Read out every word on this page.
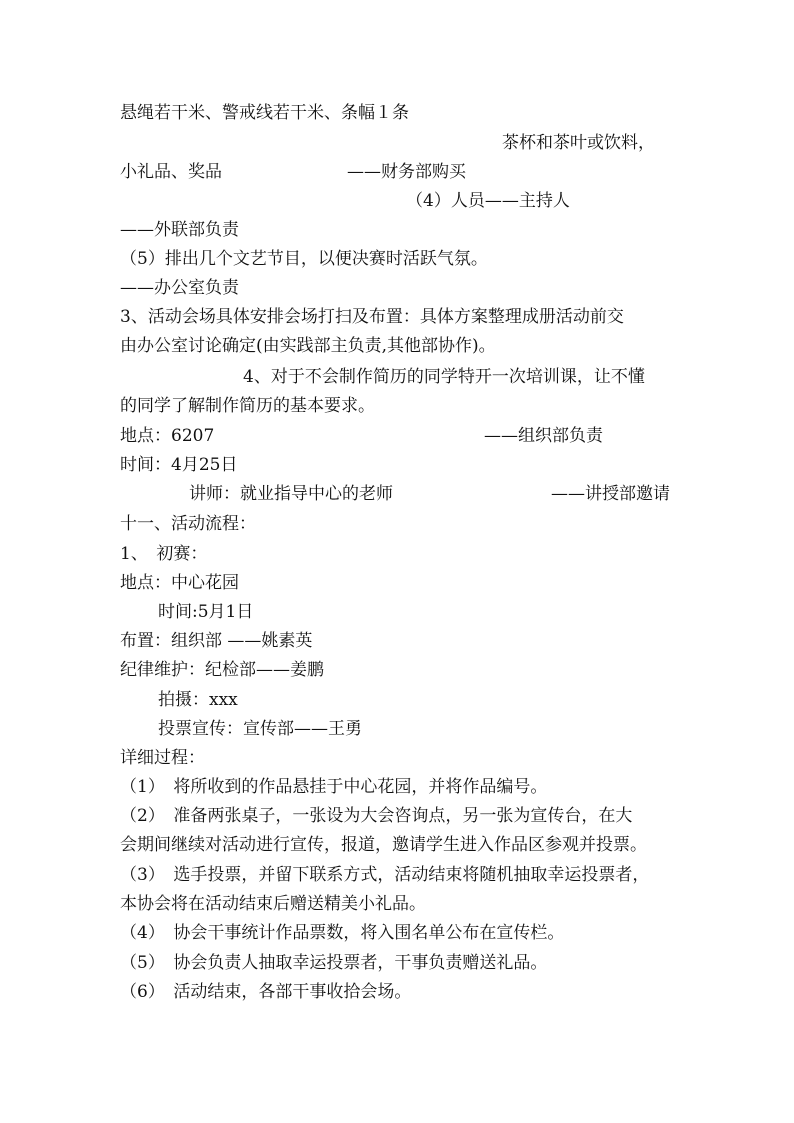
悬绳若干米、警戒线若干米、条幅１条
茶杯和茶叶或饮料，
小礼品、奖品	——财务部购买
（4）人员——主持人
——外联部负责
（5）排出几个文艺节目，以便决赛时活跃气氛。
——办公室负责
3、活动会场具体安排会场打扫及布置：具体方案整理成册活动前交
由办公室讨论确定(由实践部主负责,其他部协作)。
4、对于不会制作简历的同学特开一次培训课，让不懂
的同学了解制作简历的基本要求。
地点：6207	——组织部负责
时间：4月25日
讲师：就业指导中心的老师	——讲授部邀请
十一、活动流程：
1、　初赛：
地点：中心花园
时间:5月1日
布置：组织部 ——姚素英
纪律维护：纪检部——姜鹏
拍摄：xxx
投票宣传：宣传部——王勇
详细过程：
（1）　将所收到的作品悬挂于中心花园，并将作品编号。
（2）　准备两张桌子，一张设为大会咨询点，另一张为宣传台，在大
会期间继续对活动进行宣传，报道，邀请学生进入作品区参观并投票。
（3）　选手投票，并留下联系方式，活动结束将随机抽取幸运投票者，
本协会将在活动结束后赠送精美小礼品。
（4）　协会干事统计作品票数，将入围名单公布在宣传栏。
（5）　协会负责人抽取幸运投票者，干事负责赠送礼品。
（6）　活动结束，各部干事收拾会场。
